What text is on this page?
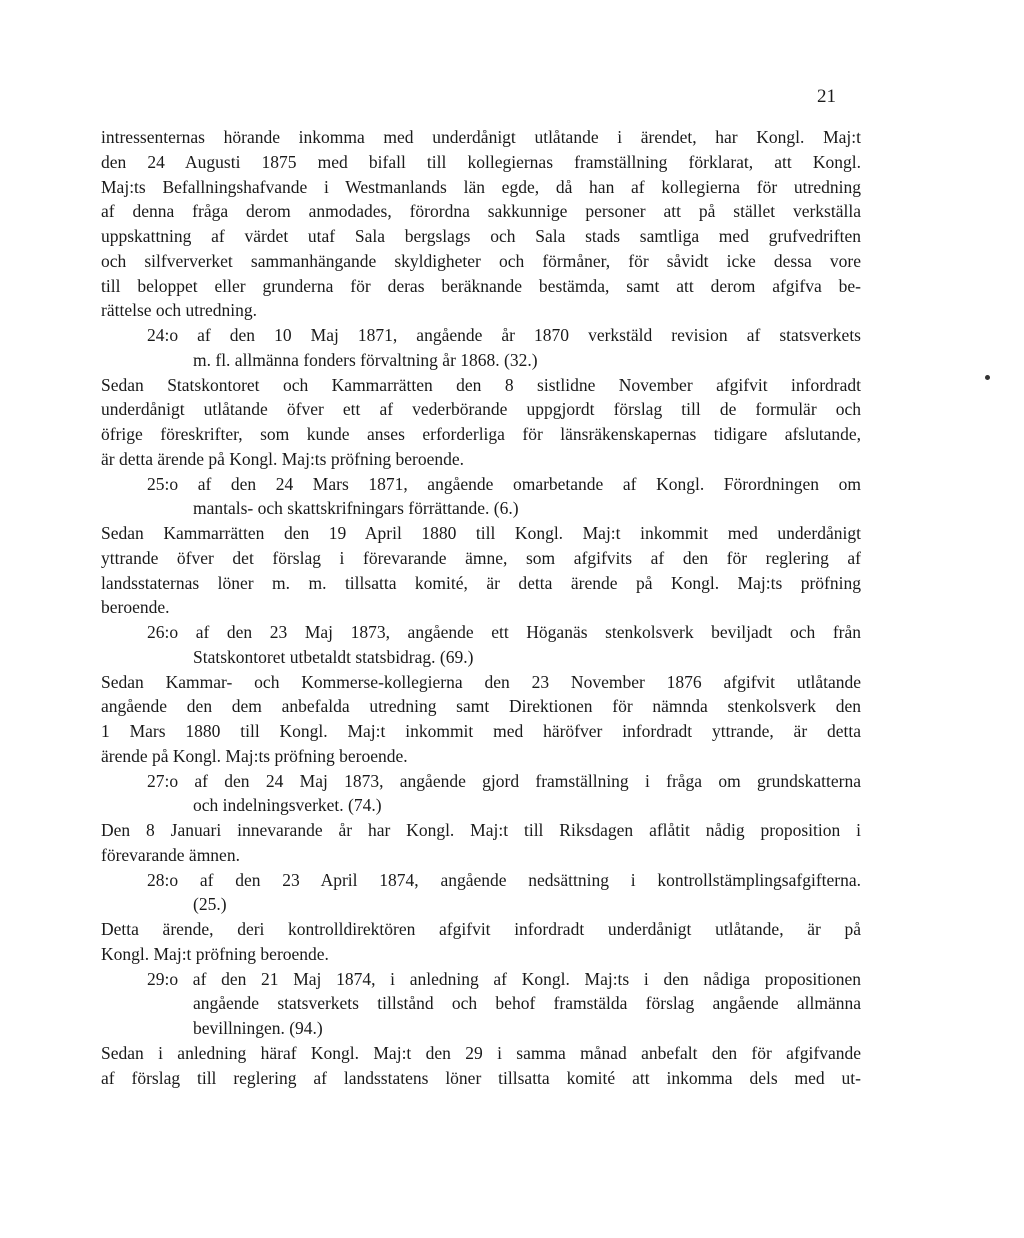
21
intressenternas hörande inkomma med underdånigt utlåtande i ärendet, har Kongl. Maj:t
den 24 Augusti 1875 med bifall till kollegiernas framställning förklarat, att Kongl.
Maj:ts Befallningshafvande i Westmanlands län egde, då han af kollegierna för utredning
af denna fråga derom anmodades, förordna sakkunnige personer att på stället verkställa
uppskattning af värdet utaf Sala bergslags och Sala stads samtliga med grufvedriften
och silfververket sammanhängande skyldigheter och förmåner, för såvidt icke dessa vore
till beloppet eller grunderna för deras beräknande bestämda, samt att derom afgifva be-
rättelse och utredning.
24:o af den 10 Maj 1871, angående år 1870 verkstäld revision af statsverkets
m. fl. allmänna fonders förvaltning år 1868. (32.)
Sedan Statskontoret och Kammarrätten den 8 sistlidne November afgifvit infordradt
underdånigt utlåtande öfver ett af vederbörande uppgjordt förslag till de formulär och
öfrige föreskrifter, som kunde anses erforderliga för länsräkenskapernas tidigare afslutande,
är detta ärende på Kongl. Maj:ts pröfning beroende.
25:o af den 24 Mars 1871, angående omarbetande af Kongl. Förordningen om
mantals- och skattskrifningars förrättande. (6.)
Sedan Kammarrätten den 19 April 1880 till Kongl. Maj:t inkommit med underdånigt
yttrande öfver det förslag i förevarande ämne, som afgifvits af den för reglering af
landsstaternas löner m. m. tillsatta komité, är detta ärende på Kongl. Maj:ts pröfning
beroende.
26:o af den 23 Maj 1873, angående ett Höganäs stenkolsverk beviljadt och från
Statskontoret utbetaldt statsbidrag. (69.)
Sedan Kammar- och Kommerse-kollegierna den 23 November 1876 afgifvit utlåtande
angående den dem anbefalda utredning samt Direktionen för nämnda stenkolsverk den
1 Mars 1880 till Kongl. Maj:t inkommit med häröfver infordradt yttrande, är detta
ärende på Kongl. Maj:ts pröfning beroende.
27:o af den 24 Maj 1873, angående gjord framställning i fråga om grundskatterna
och indelningsverket. (74.)
Den 8 Januari innevarande år har Kongl. Maj:t till Riksdagen aflåtit nådig proposition i
förevarande ämnen.
28:o af den 23 April 1874, angående nedsättning i kontrollstämplingsafgifterna.
(25.)
Detta ärende, deri kontrolldirektören afgifvit infordradt underdånigt utlåtande, är på
Kongl. Maj:t pröfning beroende.
29:o af den 21 Maj 1874, i anledning af Kongl. Maj:ts i den nådiga propositionen
angående statsverkets tillstånd och behof framstälda förslag angående allmänna
bevillningen. (94.)
Sedan i anledning häraf Kongl. Maj:t den 29 i samma månad anbefalt den för afgifvande
af förslag till reglering af landsstatens löner tillsatta komité att inkomma dels med ut-
